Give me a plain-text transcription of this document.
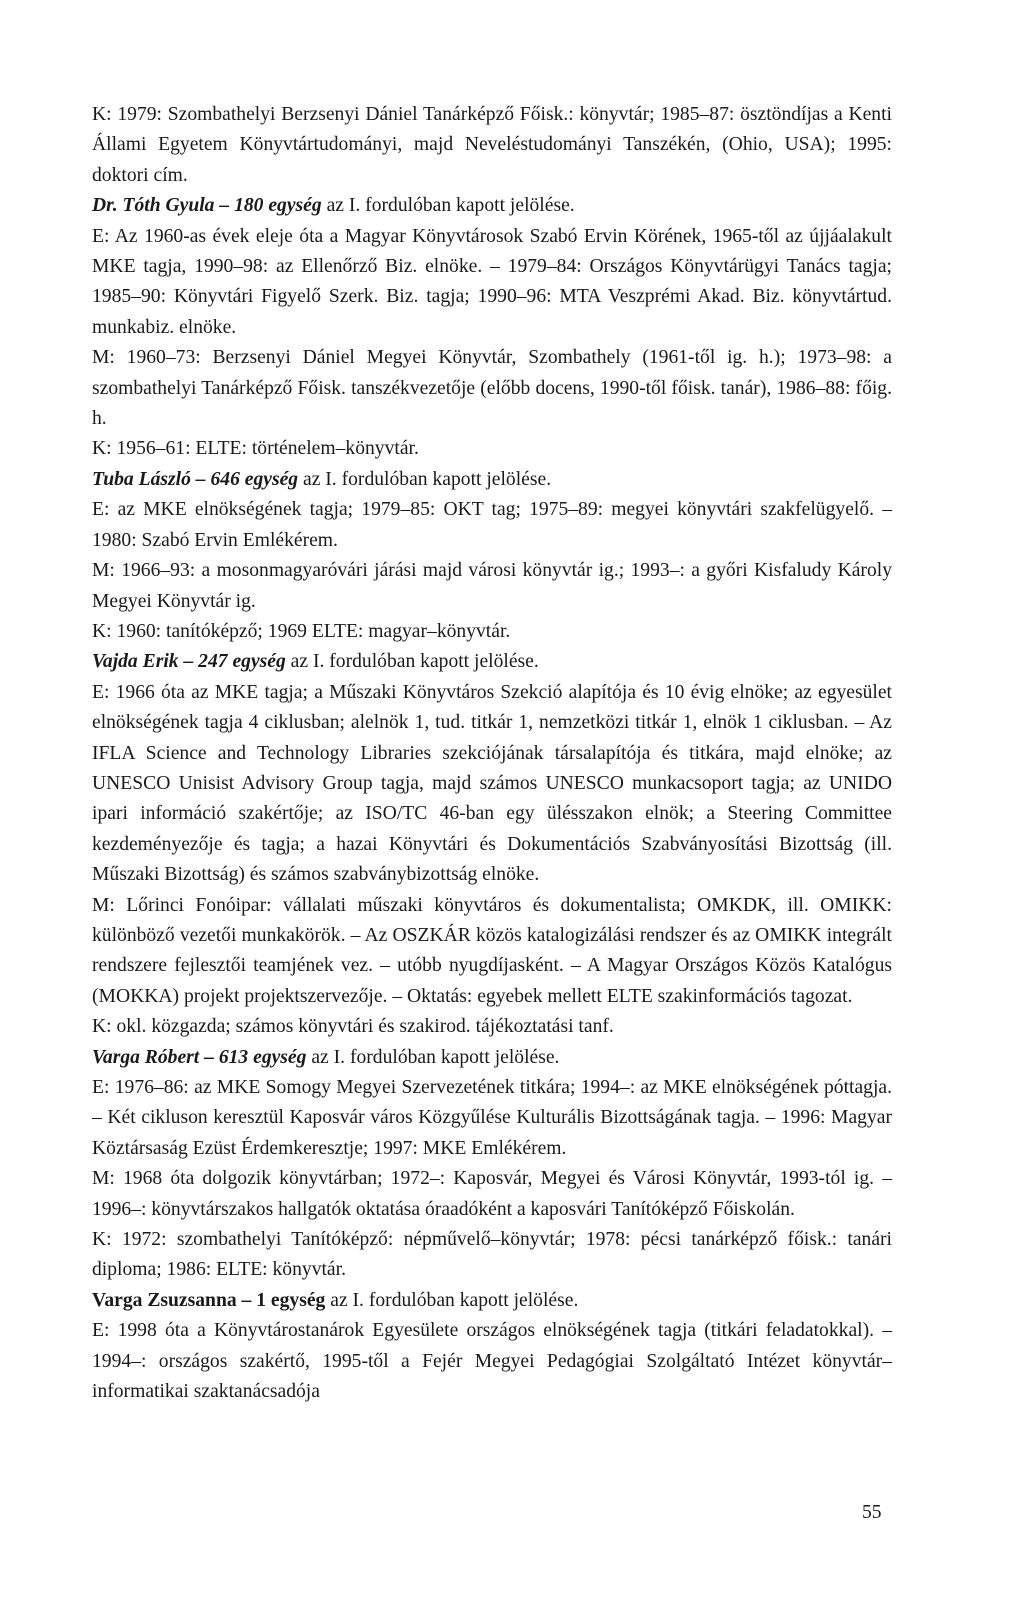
K: 1979: Szombathelyi Berzsenyi Dániel Tanárképző Főisk.: könyvtár; 1985–87: ösztöndíjas a Kenti Állami Egyetem Könyvtártudományi, majd Neveléstudományi Tanszékén, (Ohio, USA); 1995: doktori cím.

Dr. Tóth Gyula – 180 egység az I. fordulóban kapott jelölése.

E: Az 1960-as évek eleje óta a Magyar Könyvtárosok Szabó Ervin Körének, 1965-től az újjáalakult MKE tagja, 1990–98: az Ellenőrző Biz. elnöke. – 1979–84: Országos Könyvtárügyi Tanács tagja; 1985–90: Könyvtári Figyelő Szerk. Biz. tagja; 1990–96: MTA Veszprémi Akad. Biz. könyvtártud. munkabiz. elnöke.

M: 1960–73: Berzsenyi Dániel Megyei Könyvtár, Szombathely (1961-től ig. h.); 1973–98: a szombathelyi Tanárképző Főisk. tanszékvezetője (előbb docens, 1990-től főisk. tanár), 1986–88: főig. h.

K: 1956–61: ELTE: történelem–könyvtár.

Tuba László – 646 egység az I. fordulóban kapott jelölése.

E: az MKE elnökségének tagja; 1979–85: OKT tag; 1975–89: megyei könyvtári szakfelügyelő. – 1980: Szabó Ervin Emlékérem.

M: 1966–93: a mosonmagyaróvári járási majd városi könyvtár ig.; 1993–: a győri Kisfaludy Károly Megyei Könyvtár ig.

K: 1960: tanítóképző; 1969 ELTE: magyar–könyvtár.

Vajda Erik – 247 egység az I. fordulóban kapott jelölése.

E: 1966 óta az MKE tagja; a Műszaki Könyvtáros Szekció alapítója és 10 évig elnöke; az egyesület elnökségének tagja 4 ciklusban; alelnök 1, tud. titkár 1, nemzetközi titkár 1, elnök 1 ciklusban. – Az IFLA Science and Technology Libraries szekciójának társalapítója és titkára, majd elnöke; az UNESCO Unisist Advisory Group tagja, majd számos UNESCO munkacsoport tagja; az UNIDO ipari információ szakértője; az ISO/TC 46-ban egy ülésszakon elnök; a Steering Committee kezdeményezője és tagja; a hazai Könyvtári és Dokumentációs Szabványosítási Bizottság (ill. Műszaki Bizottság) és számos szabványbizottság elnöke.

M: Lőrinci Fonóipar: vállalati műszaki könyvtáros és dokumentalista; OMKDK, ill. OMIKK: különböző vezetői munkakörök. – Az OSZKÁR közös katalogizálási rendszer és az OMIKK integrált rendszere fejlesztői teamjének vez. – utóbb nyugdíjasként. – A Magyar Országos Közös Katalógus (MOKKA) projekt projektszervezője. – Oktatás: egyebek mellett ELTE szakinformációs tagozat.

K: okl. közgazda; számos könyvtári és szakirod. tájékoztatási tanf.

Varga Róbert – 613 egység az I. fordulóban kapott jelölése.

E: 1976–86: az MKE Somogy Megyei Szervezetének titkára; 1994–: az MKE elnökségének póttagja. – Két cikluson keresztül Kaposvár város Közgyűlése Kulturális Bizottságának tagja. – 1996: Magyar Köztársaság Ezüst Érdemkeresztje; 1997: MKE Emlékérem.

M: 1968 óta dolgozik könyvtárban; 1972–: Kaposvár, Megyei és Városi Könyvtár, 1993-tól ig. – 1996–: könyvtárszakos hallgatók oktatása óraadóként a kaposvári Tanítóképző Főiskolán.

K: 1972: szombathelyi Tanítóképző: népművelő–könyvtár; 1978: pécsi tanárképző főisk.: tanári diploma; 1986: ELTE: könyvtár.

Varga Zsuzsanna – 1 egység az I. fordulóban kapott jelölése.

E: 1998 óta a Könyvtárostanárok Egyesülete országos elnökségének tagja (titkári feladatokkal). – 1994–: országos szakértő, 1995-től a Fejér Megyei Pedagógiai Szolgáltató Intézet könyvtár–informatikai szaktanácsadója

55
